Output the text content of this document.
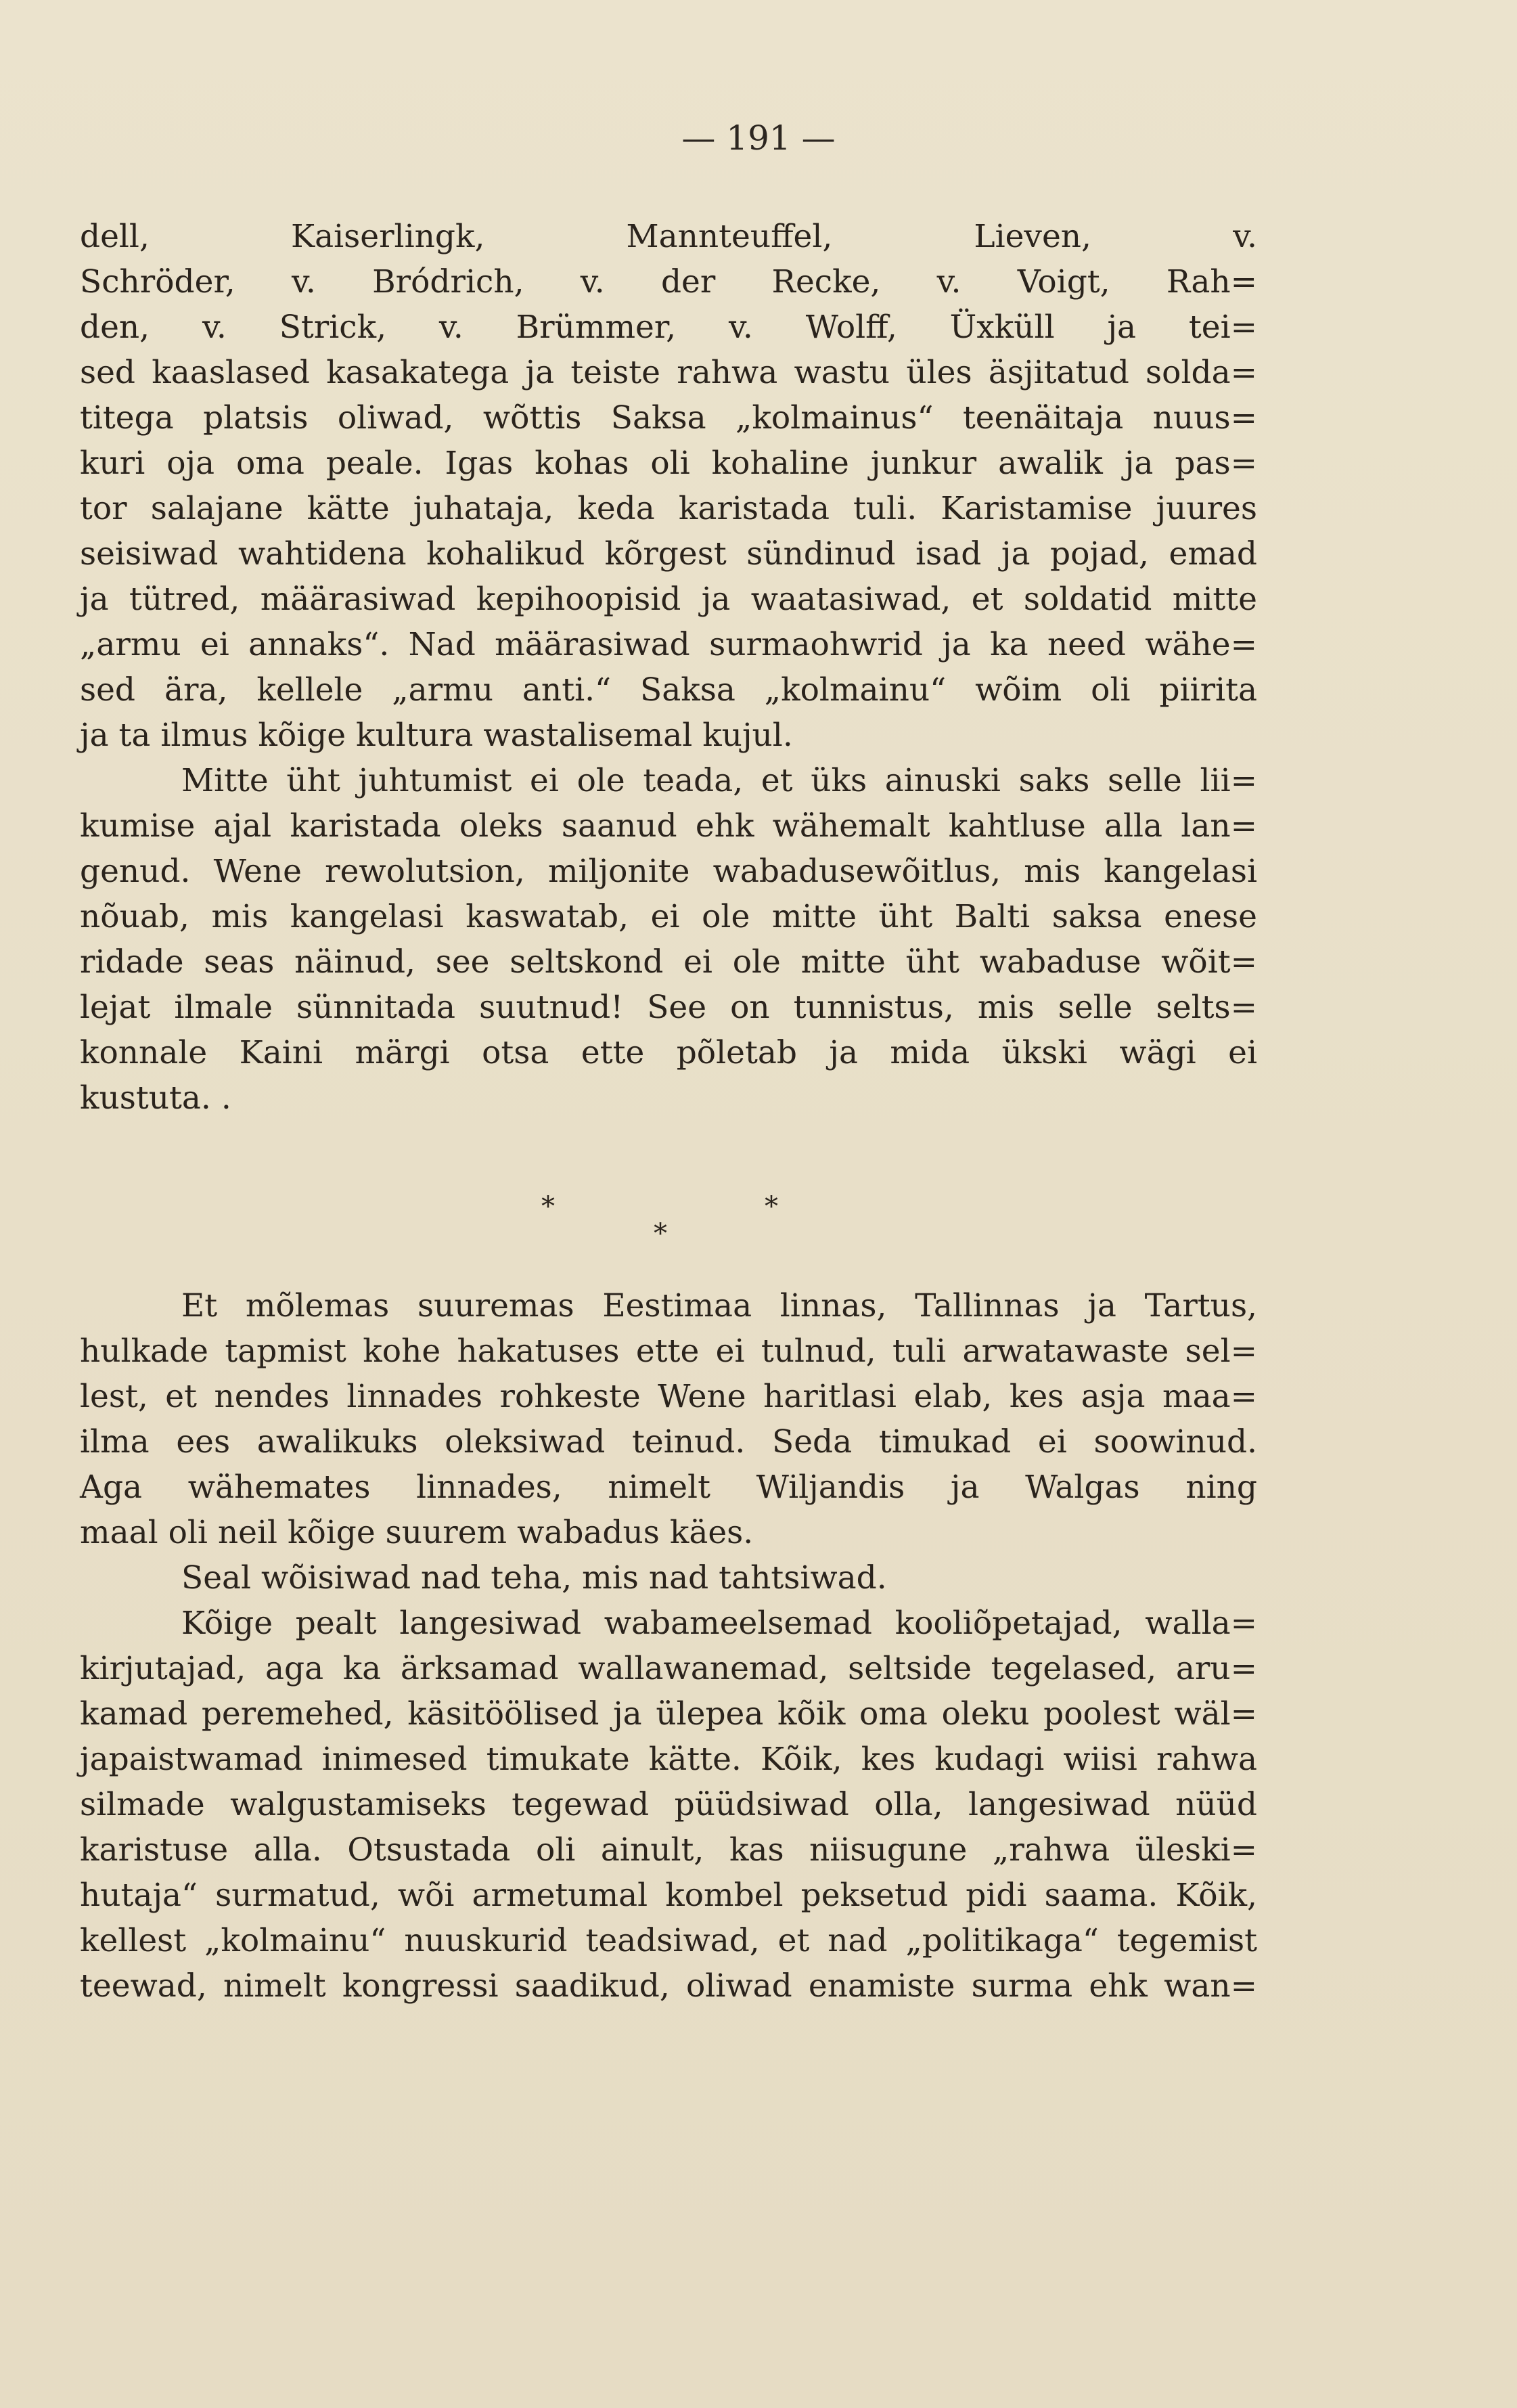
— 191 —
dell, Kaiserlingk, Mannteuffel, Lieven, v.
Schröder, v. Bródrich, v. der Recke, v. Voigt, Rah=
den, v. Strick, v. Brümmer, v. Wolff, Üxküll ja tei=
sed kaaslased kasakatega ja teiste rahwa wastu üles äsjitatud solda=
titega platsis oliwad, wõttis Saksa „kolmainus“ teenäitaja nuus=
kuri oja oma peale. Igas kohas oli kohaline junkur awalik ja pas=
tor salajane kätte juhataja, keda karistada tuli. Karistamise juures
seisiwad wahtidena kohalikud kõrgest sündinud isad ja pojad, emad
ja tütred, määrasiwad kepihoopisid ja waatasiwad, et soldatid mitte
„armu ei annaks“. Nad määrasiwad surmaohwrid ja ka need wähe=
sed ära, kellele „armu anti.“ Saksa „kolmainu“ wõim oli piirita
ja ta ilmus kõige kultura wastalisemal kujul.
Mitte üht juhtumist ei ole teada, et üks ainuski saks selle lii=
kumise ajal karistada oleks saanud ehk wähemalt kahtluse alla lan=
genud. Wene rewolutsion, miljonite wabadusewõitlus, mis kangelasi
nõuab, mis kangelasi kaswatab, ei ole mitte üht Balti saksa enese
ridade seas näinud, see seltskond ei ole mitte üht wabaduse wõit=
lejat ilmale sünnitada suutnud! See on tunnistus, mis selle selts=
konnale Kaini märgi otsa ette põletab ja mida ükski wägi ei
kustuta. .
*	*
*
Et mõlemas suuremas Eestimaa linnas, Tallinnas ja Tartus,
hulkade tapmist kohe hakatuses ette ei tulnud, tuli arwatawaste sel=
lest, et nendes linnades rohkeste Wene haritlasi elab, kes asja maa=
ilma ees awalikuks oleksiwad teinud. Seda timukad ei soowinud.
Aga wähemates linnades, nimelt Wiljandis ja Walgas ning
maal oli neil kõige suurem wabadus käes.
Seal wõisiwad nad teha, mis nad tahtsiwad.
Kõige pealt langesiwad wabameelsemad kooliõpetajad, walla=
kirjutajad, aga ka ärksamad wallawanemad, seltside tegelased, aru=
kamad peremehed, käsitöölised ja ülepea kõik oma oleku poolest wäl=
japaistwamad inimesed timukate kätte. Kõik, kes kudagi wiisi rahwa
silmade walgustamiseks tegewad püüdsiwad olla, langesiwad nüüd
karistuse alla. Otsustada oli ainult, kas niisugune „rahwa üleski=
hutaja“ surmatud, wõi armetumal kombel peksetud pidi saama. Kõik,
kellest „kolmainu“ nuuskurid teadsiwad, et nad „politikaga“ tegemist
teewad, nimelt kongressi saadikud, oliwad enamiste surma ehk wan=
